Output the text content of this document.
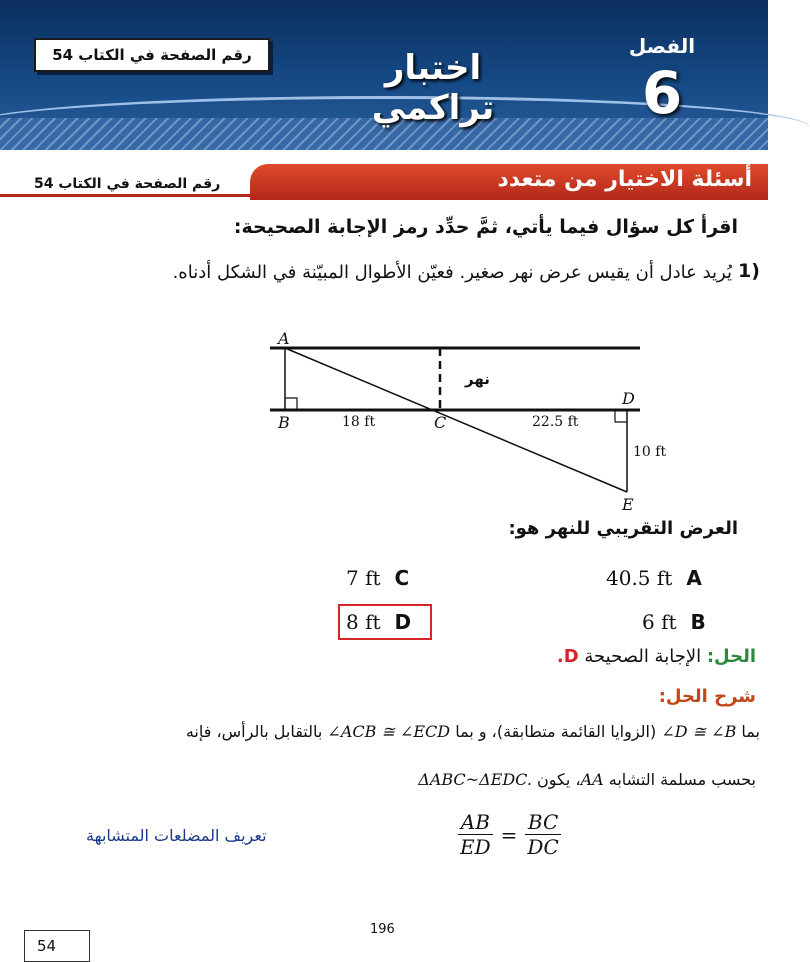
رقم الصفحة في الكتاب 54	اختبار تراكمي
الفصل
6
أسئلة الاختيار من متعدد
رقم الصفحة في الكتاب 54
اقرأ كل سؤال فيما يأتي، ثمَّ حدِّد رمز الإجابة الصحيحة:
1)
يُريد عادل أن يقيس عرض نهر صغير. فعيّن الأطوال المبيّنة في الشكل أدناه.
A
B	C
D
E
18 ft	22.5 ft
10 ft
نهر
العرض التقريبي للنهر هو:
40.5 ft A
7 ft C
6 ft B
8 ft D
الحل: الإجابة الصحيحة D.
شرح الحل:
بما ∠D ≅ ∠B (الزوايا القائمة متطابقة)، و بما ∠ACB ≅ ∠ECD بالتقابل بالرأس، فإنه
بحسب مسلمة التشابه AA، يكون ΔABC~ΔEDC.
$\frac{AB}{ED} = \frac{BC}{DC}$
تعريف المضلعات المتشابهة
196
54
